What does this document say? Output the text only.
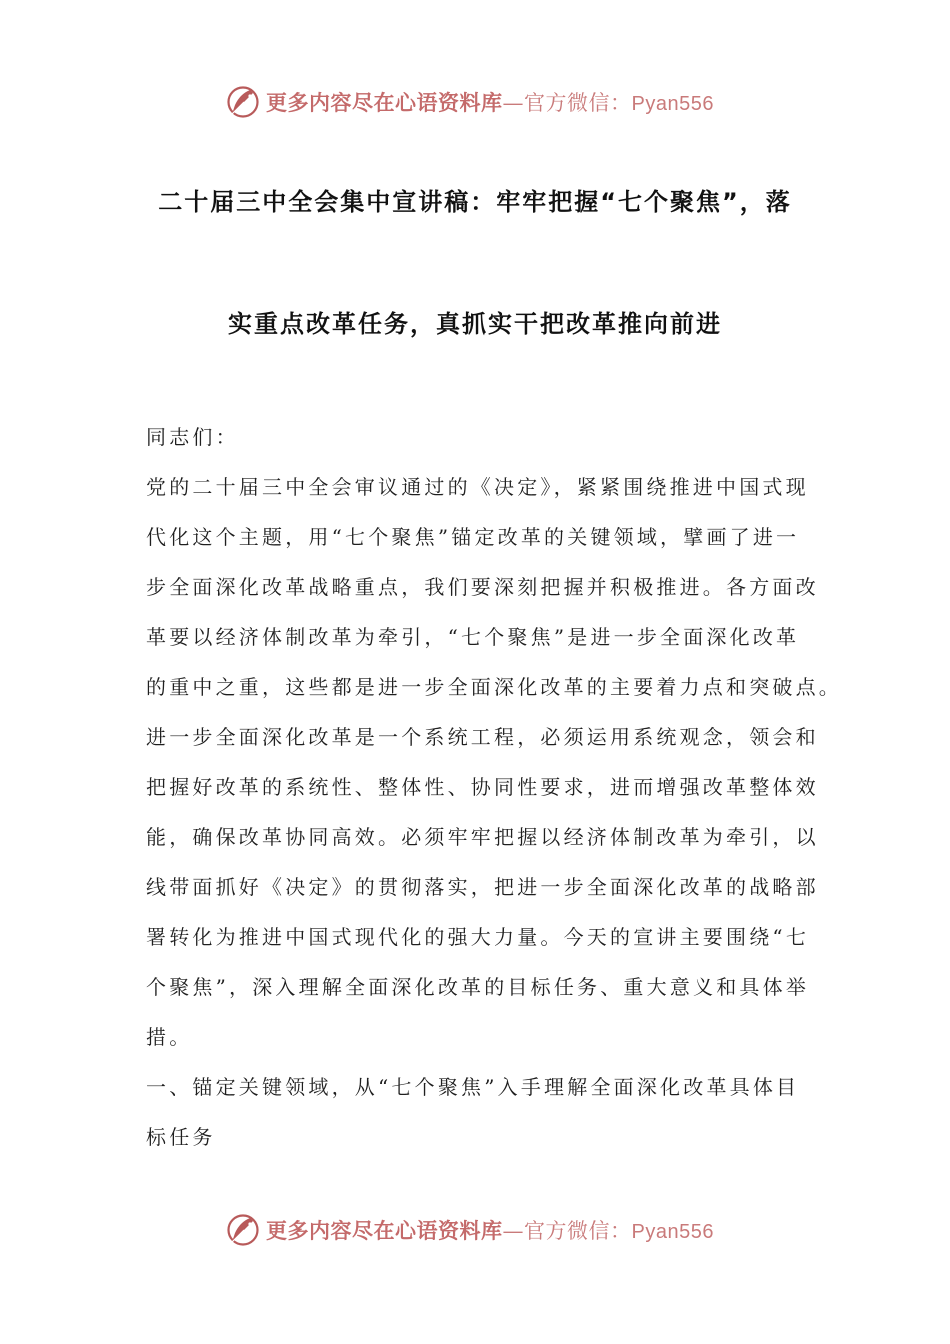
更多内容尽在心语资料库—官方微信：Pyan556
二十届三中全会集中宣讲稿：牢牢把握“七个聚焦”，落
实重点改革任务，真抓实干把改革推向前进
同志们：
党的二十届三中全会审议通过的《决定》，紧紧围绕推进中国式现
代化这个主题，用“七个聚焦”锚定改革的关键领域，擘画了进一
步全面深化改革战略重点，我们要深刻把握并积极推进。各方面改
革要以经济体制改革为牵引，“七个聚焦”是进一步全面深化改革
的重中之重，这些都是进一步全面深化改革的主要着力点和突破点。
进一步全面深化改革是一个系统工程，必须运用系统观念，领会和
把握好改革的系统性、整体性、协同性要求，进而增强改革整体效
能，确保改革协同高效。必须牢牢把握以经济体制改革为牵引，以
线带面抓好《决定》的贯彻落实，把进一步全面深化改革的战略部
署转化为推进中国式现代化的强大力量。今天的宣讲主要围绕“七
个聚焦”，深入理解全面深化改革的目标任务、重大意义和具体举
措。
一、锚定关键领域，从“七个聚焦”入手理解全面深化改革具体目
标任务
更多内容尽在心语资料库—官方微信：Pyan556
